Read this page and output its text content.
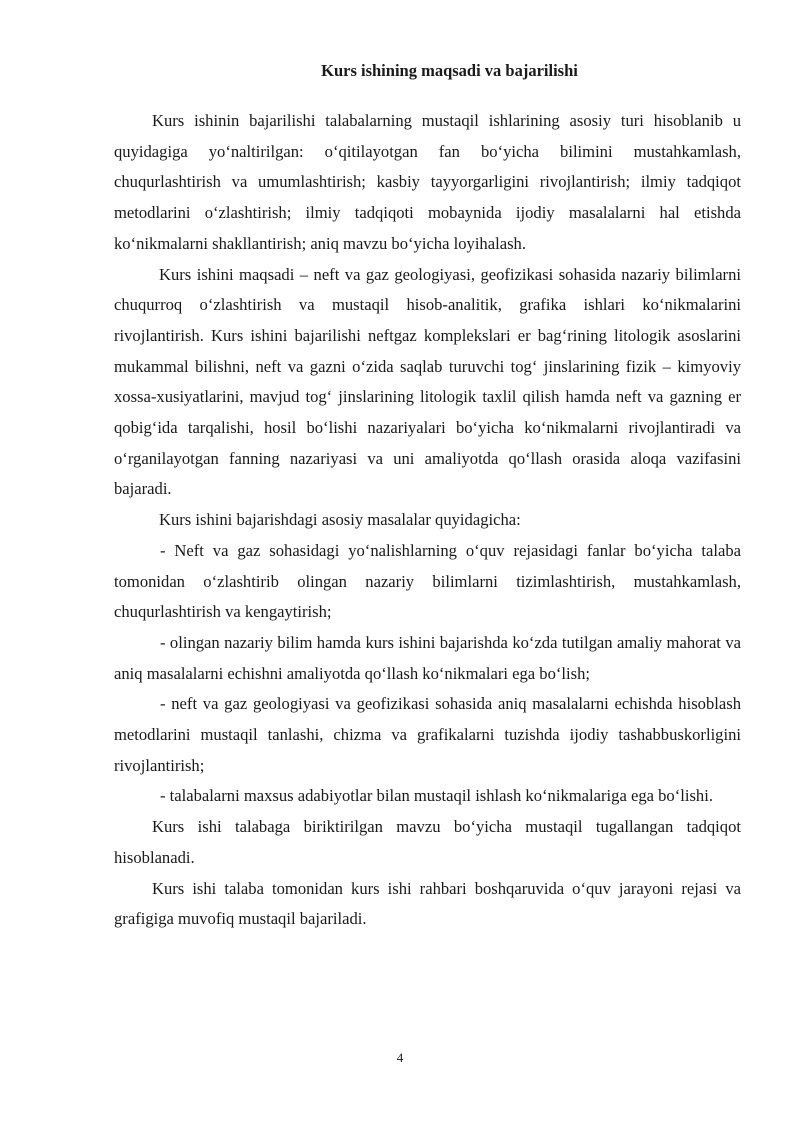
Kurs ishining maqsadi va bajarilishi

Kurs ishinin bajarilishi talabalarning mustaqil ishlarining asosiy turi hisoblanib u quyidagiga yo‘naltirilgan: o‘qitilayotgan fan bo‘yicha bilimini mustahkamlash, chuqurlashtirish va umumlashtirish; kasbiy tayyorgarligini rivojlantirish; ilmiy tadqiqot metodlarini o‘zlashtirish; ilmiy tadqiqoti mobaynida ijodiy masalalarni hal etishda ko‘nikmalarni shakllantirish; aniq mavzu bo‘yicha loyihalash.

Kurs ishini maqsadi – neft va gaz geologiyasi, geofizikasi sohasida nazariy bilimlarni chuqurroq o‘zlashtirish va mustaqil hisob-analitik, grafika ishlari ko‘nikmalarini rivojlantirish. Kurs ishini bajarilishi neftgaz komplekslari er bag‘rining litologik asoslarini mukammal bilishni, neft va gazni o‘zida saqlab turuvchi tog‘ jinslarining fizik – kimyoviy xossa-xusiyatlarini, mavjud tog‘ jinslarining litologik taxlil qilish hamda neft va gazning er qobig‘ida tarqalishi, hosil bo‘lishi nazariyalari bo‘yicha ko‘nikmalarni rivojlantiradi va o‘rganilayotgan fanning nazariyasi va uni amaliyotda qo‘llash orasida aloqa vazifasini bajaradi.

Kurs ishini bajarishdagi asosiy masalalar quyidagicha:

- Neft va gaz sohasidagi yo‘nalishlarning o‘quv rejasidagi fanlar bo‘yicha talaba tomonidan o‘zlashtirib olingan nazariy bilimlarni tizimlashtirish, mustahkamlash, chuqurlashtirish va kengaytirish;

- olingan nazariy bilim hamda kurs ishini bajarishda ko‘zda tutilgan amaliy mahorat va aniq masalalarni echishni amaliyotda qo‘llash ko‘nikmalari ega bo‘lish;

- neft va gaz geologiyasi va geofizikasi sohasida aniq masalalarni echishda hisoblash metodlarini mustaqil tanlashi, chizma va grafikalarni tuzishda ijodiy tashabbuskorligini rivojlantirish;

- talabalarni maxsus adabiyotlar bilan mustaqil ishlash ko‘nikmalariga ega bo‘lishi.

Kurs ishi talabaga biriktirilgan mavzu bo‘yicha mustaqil tugallangan tadqiqot hisoblanadi.

Kurs ishi talaba tomonidan kurs ishi rahbari boshqaruvida o‘quv jarayoni rejasi va grafigiga muvofiq mustaqil bajariladi.

4
